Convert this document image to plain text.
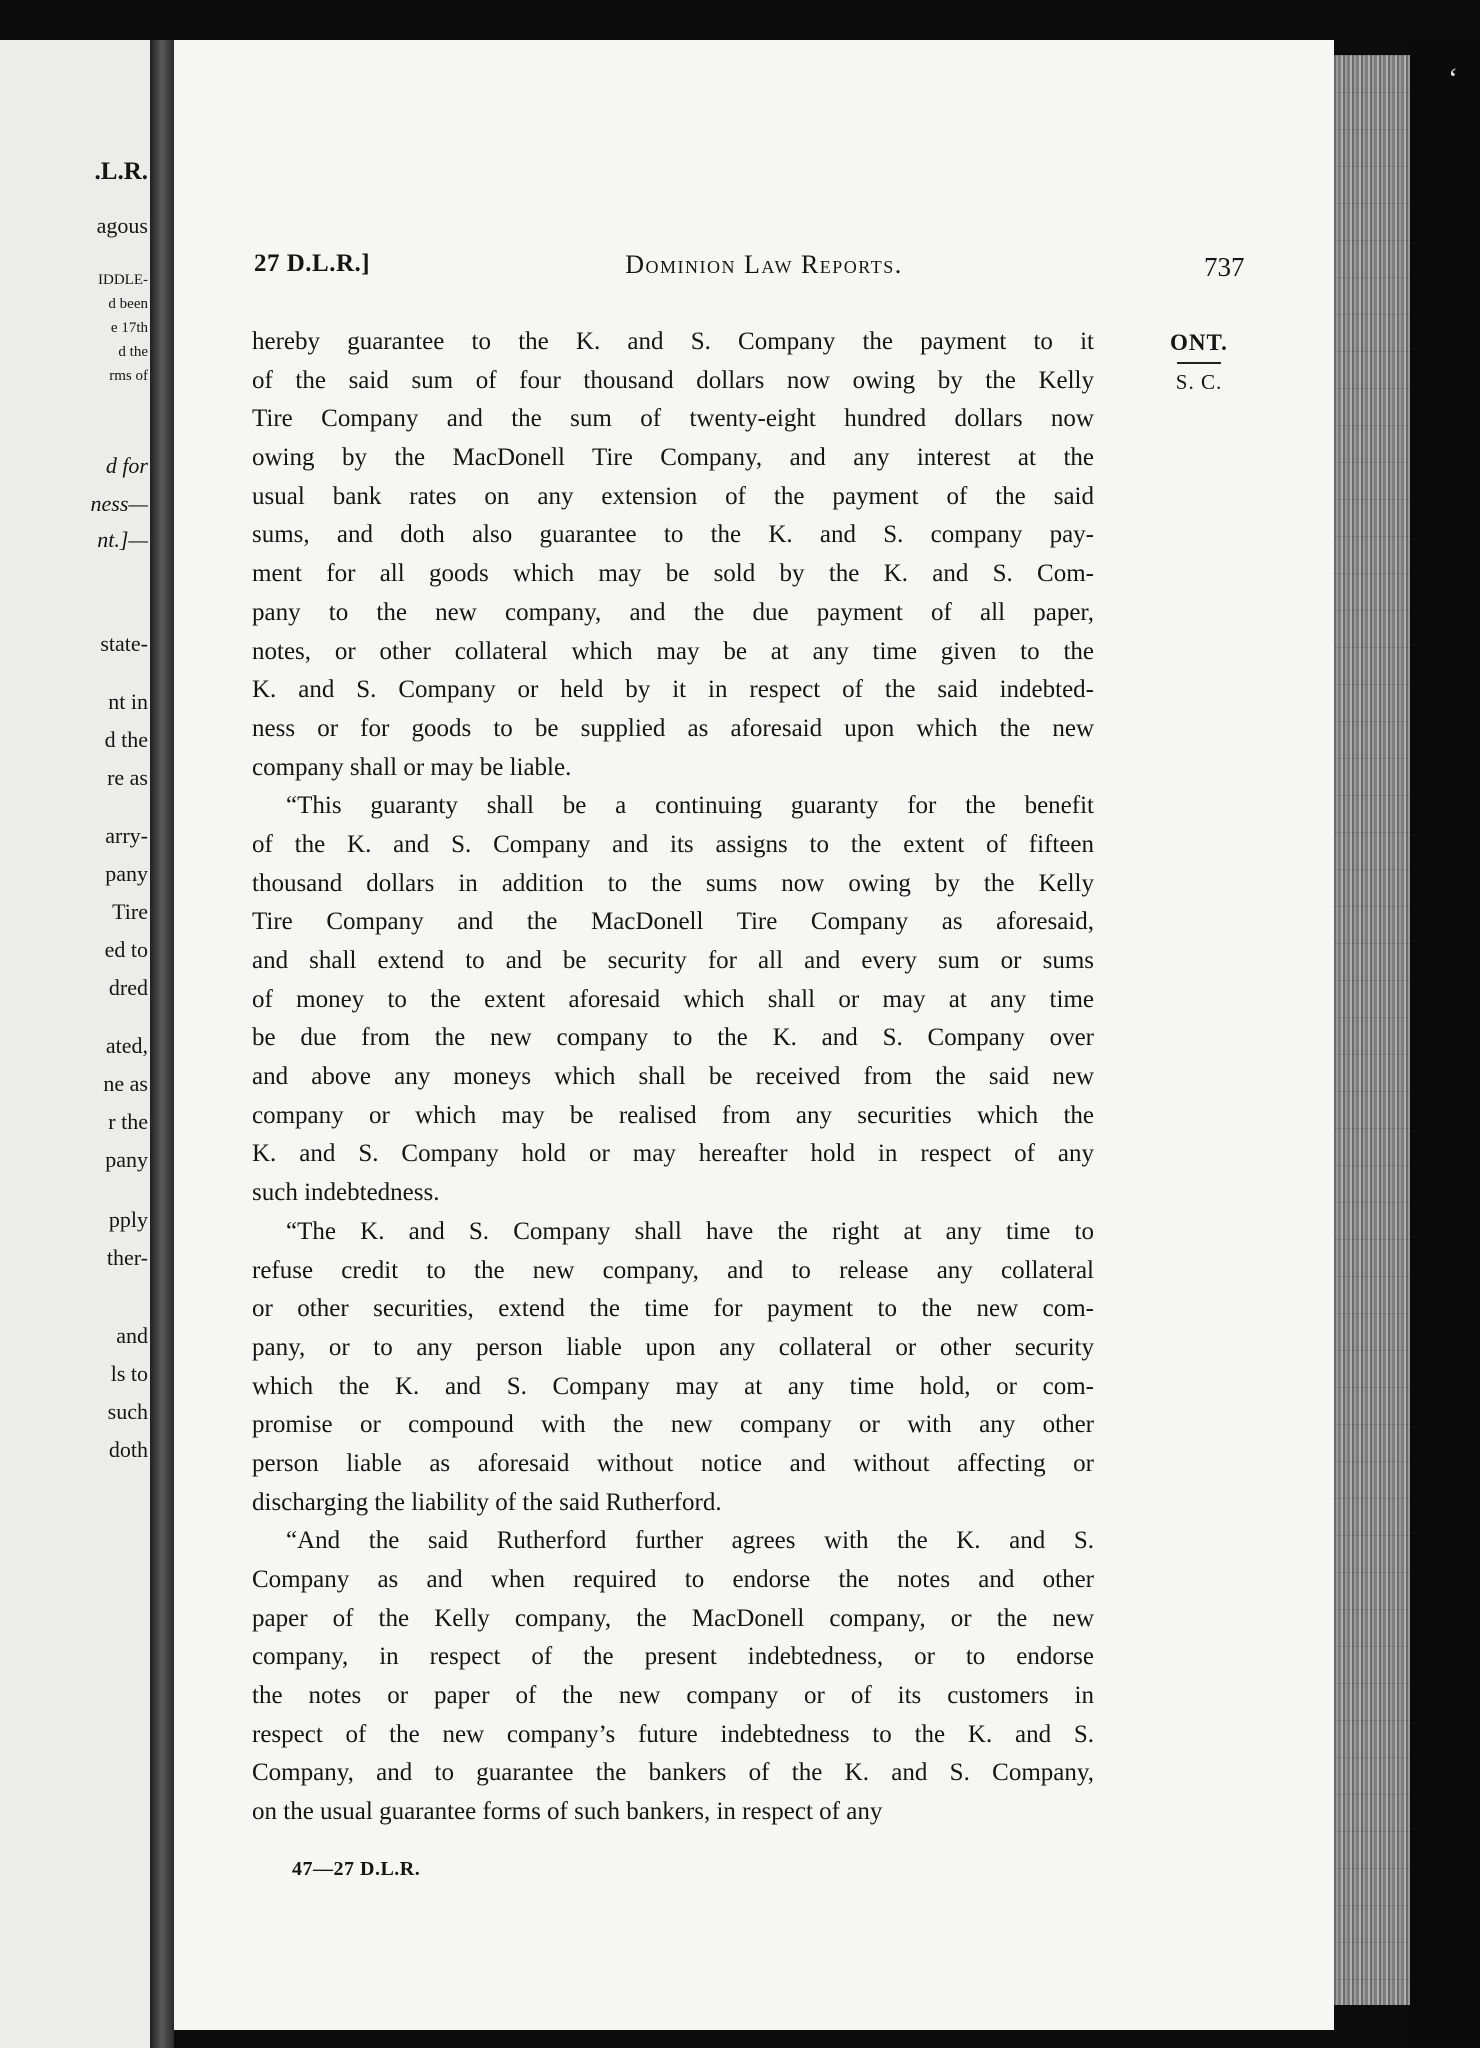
.L.R.
agous
IDDLE-
d been
e 17th
d the
rms of
d for
ness—
nt.]—
state-
nt in
d the
re as
arry-
pany
Tire
ed to
dred
ated,
ne as
r the
pany
pply
ther-
and
ls to
such
doth
‘
27 D.L.R.]	Dominion Law Reports.	737
ONT.
S. C.
hereby guarantee to the K. and S. Company the payment to it
of the said sum of four thousand dollars now owing by the Kelly
Tire Company and the sum of twenty-eight hundred dollars now
owing by the MacDonell Tire Company, and any interest at the
usual bank rates on any extension of the payment of the said
sums, and doth also guarantee to the K. and S. company pay-
ment for all goods which may be sold by the K. and S. Com-
pany to the new company, and the due payment of all paper,
notes, or other collateral which may be at any time given to the
K. and S. Company or held by it in respect of the said indebted-
ness or for goods to be supplied as aforesaid upon which the new
company shall or may be liable.
“This guaranty shall be a continuing guaranty for the benefit
of the K. and S. Company and its assigns to the extent of fifteen
thousand dollars in addition to the sums now owing by the Kelly
Tire Company and the MacDonell Tire Company as aforesaid,
and shall extend to and be security for all and every sum or sums
of money to the extent aforesaid which shall or may at any time
be due from the new company to the K. and S. Company over
and above any moneys which shall be received from the said new
company or which may be realised from any securities which the
K. and S. Company hold or may hereafter hold in respect of any
such indebtedness.
“The K. and S. Company shall have the right at any time to
refuse credit to the new company, and to release any collateral
or other securities, extend the time for payment to the new com-
pany, or to any person liable upon any collateral or other security
which the K. and S. Company may at any time hold, or com-
promise or compound with the new company or with any other
person liable as aforesaid without notice and without affecting or
discharging the liability of the said Rutherford.
“And the said Rutherford further agrees with the K. and S.
Company as and when required to endorse the notes and other
paper of the Kelly company, the MacDonell company, or the new
company, in respect of the present indebtedness, or to endorse
the notes or paper of the new company or of its customers in
respect of the new company’s future indebtedness to the K. and S.
Company, and to guarantee the bankers of the K. and S. Company,
on the usual guarantee forms of such bankers, in respect of any
47—27 D.L.R.
